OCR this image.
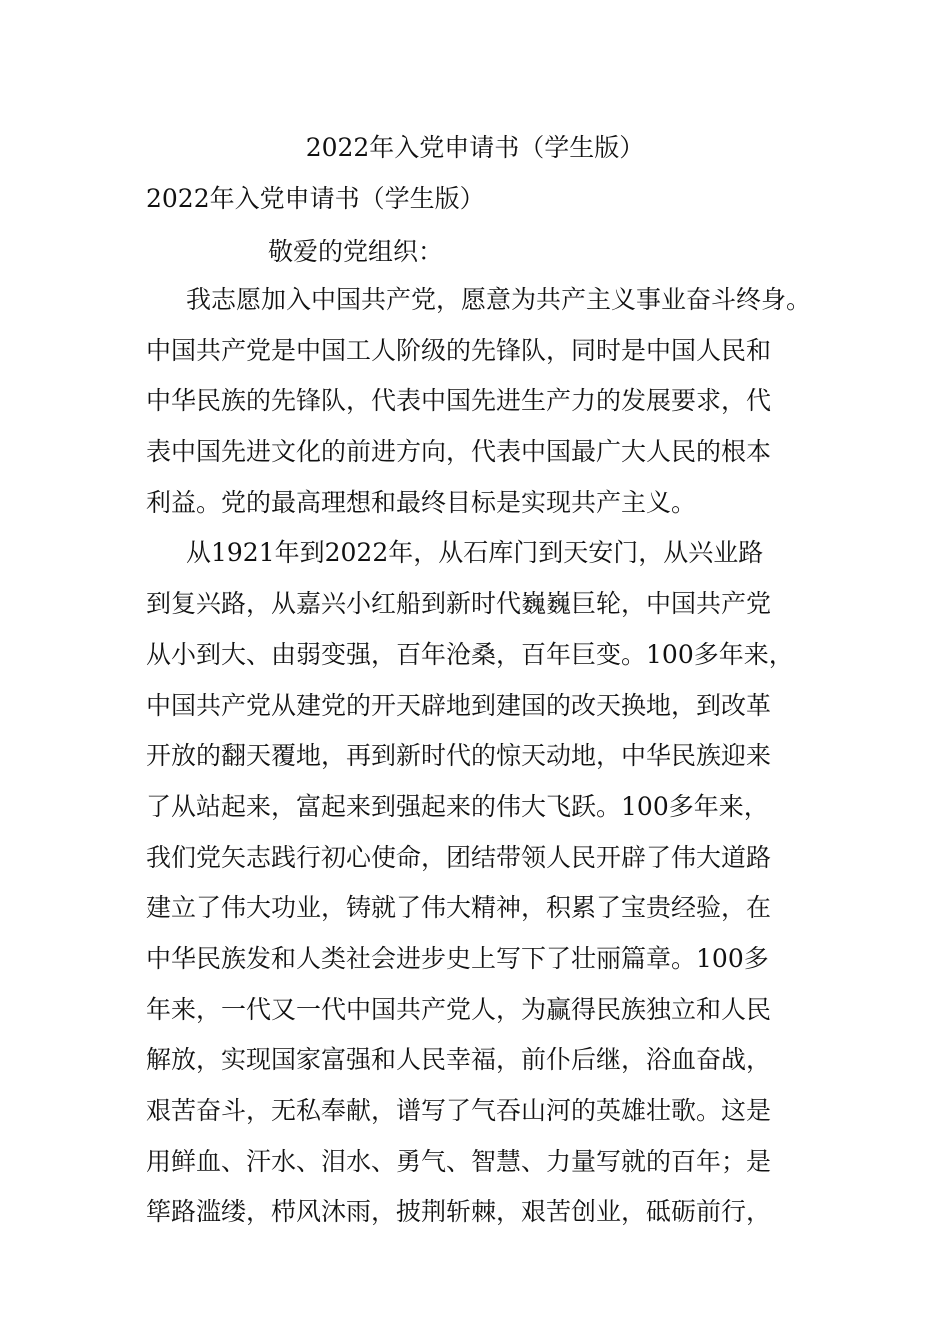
2022年入党申请书（学生版）

2022年入党申请书（学生版）

敬爱的党组织：

我志愿加入中国共产党，愿意为共产主义事业奋斗终身。

中国共产党是中国工人阶级的先锋队，同时是中国人民和

中华民族的先锋队，代表中国先进生产力的发展要求，代

表中国先进文化的前进方向，代表中国最广大人民的根本

利益。党的最高理想和最终目标是实现共产主义。

从1921年到2022年，从石库门到天安门，从兴业路

到复兴路，从嘉兴小红船到新时代巍巍巨轮，中国共产党

从小到大、由弱变强，百年沧桑，百年巨变。100多年来，

中国共产党从建党的开天辟地到建国的改天换地，到改革

开放的翻天覆地，再到新时代的惊天动地，中华民族迎来

了从站起来，富起来到强起来的伟大飞跃。100多年来，

我们党矢志践行初心使命，团结带领人民开辟了伟大道路

建立了伟大功业，铸就了伟大精神，积累了宝贵经验，在

中华民族发和人类社会进步史上写下了壮丽篇章。100多

年来，一代又一代中国共产党人，为赢得民族独立和人民

解放，实现国家富强和人民幸福，前仆后继，浴血奋战，

艰苦奋斗，无私奉献，谱写了气吞山河的英雄壮歌。这是

用鲜血、汗水、泪水、勇气、智慧、力量写就的百年；是

筚路滥缕，栉风沐雨，披荆斩棘，艰苦创业，砥砺前行，
